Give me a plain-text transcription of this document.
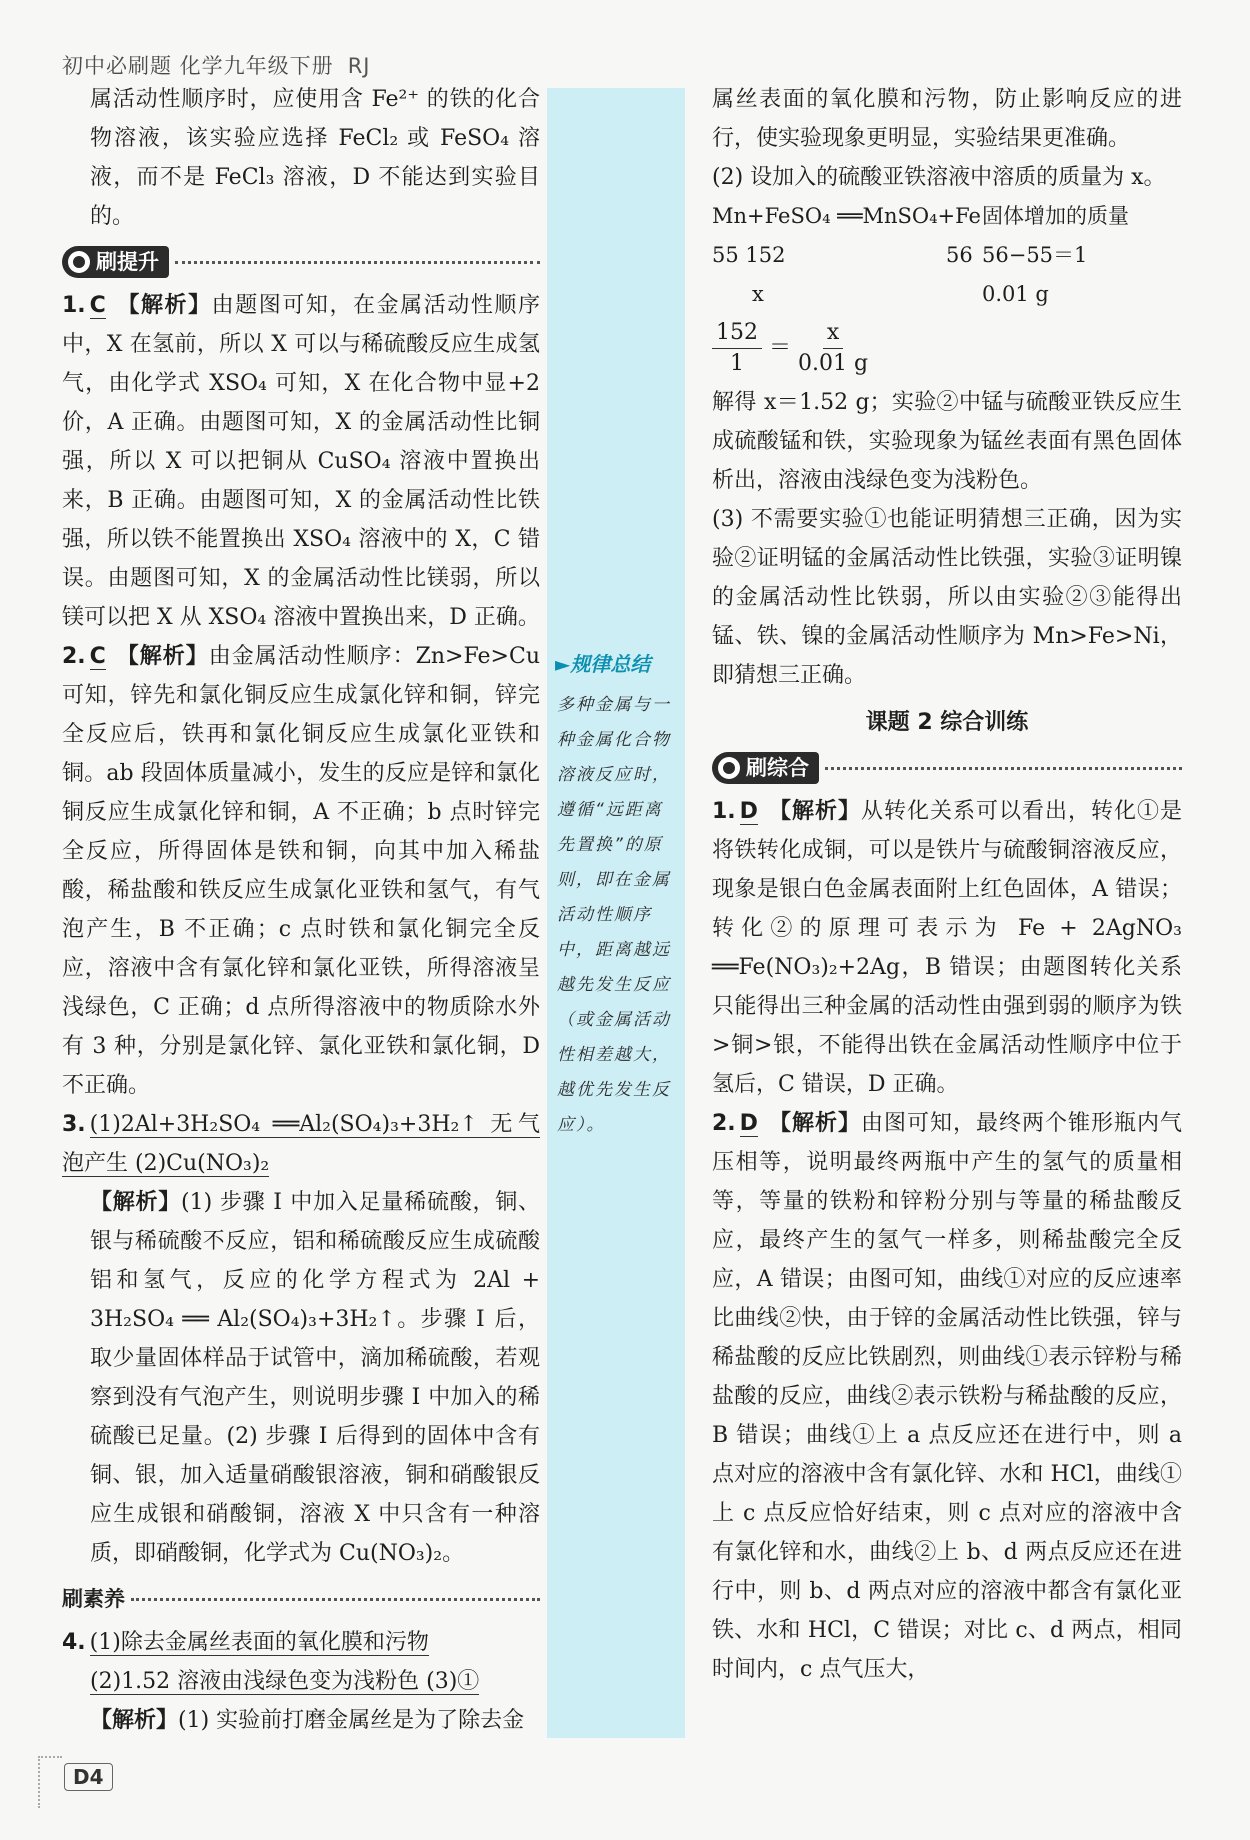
初中必刷题 化学九年级下册 RJ

属活动性顺序时，应使用含 Fe²⁺ 的铁的化合物溶液，该实验应选择 FeCl₂ 或 FeSO₄ 溶液，而不是 FeCl₃ 溶液，D 不能达到实验目的。

刷提升

1. C 【解析】由题图可知，在金属活动性顺序中，X 在氢前，所以 X 可以与稀硫酸反应生成氢气，由化学式 XSO₄ 可知，X 在化合物中显+2 价，A 正确。由题图可知，X 的金属活动性比铜强，所以 X 可以把铜从 CuSO₄ 溶液中置换出来，B 正确。由题图可知，X 的金属活动性比铁强，所以铁不能置换出 XSO₄ 溶液中的 X，C 错误。由题图可知，X 的金属活动性比镁弱，所以镁可以把 X 从 XSO₄ 溶液中置换出来，D 正确。

2. C 【解析】由金属活动性顺序：Zn>Fe>Cu 可知，锌先和氯化铜反应生成氯化锌和铜，锌完全反应后，铁再和氯化铜反应生成氯化亚铁和铜。ab 段固体质量减小，发生的反应是锌和氯化铜反应生成氯化锌和铜，A 不正确；b 点时锌完全反应，所得固体是铁和铜，向其中加入稀盐酸，稀盐酸和铁反应生成氯化亚铁和氢气，有气泡产生，B 不正确；c 点时铁和氯化铜完全反应，溶液中含有氯化锌和氯化亚铁，所得溶液呈浅绿色，C 正确；d 点所得溶液中的物质除水外有 3 种，分别是氯化锌、氯化亚铁和氯化铜，D 不正确。

3. (1)2Al+3H₂SO₄ ══Al₂(SO₄)₃+3H₂↑ 无气泡产生 (2)Cu(NO₃)₂

【解析】(1) 步骤 Ⅰ 中加入足量稀硫酸，铜、银与稀硫酸不反应，铝和稀硫酸反应生成硫酸铝和氢气，反应的化学方程式为 2Al + 3H₂SO₄ ══ Al₂(SO₄)₃+3H₂↑。步骤 Ⅰ 后，取少量固体样品于试管中，滴加稀硫酸，若观察到没有气泡产生，则说明步骤 Ⅰ 中加入的稀硫酸已足量。(2) 步骤 Ⅰ 后得到的固体中含有铜、银，加入适量硝酸银溶液，铜和硝酸银反应生成银和硝酸铜，溶液 X 中只含有一种溶质，即硝酸铜，化学式为 Cu(NO₃)₂。

刷素养

4. (1)除去金属丝表面的氧化膜和污物

(2)1.52 溶液由浅绿色变为浅粉色 (3)①

【解析】(1) 实验前打磨金属丝是为了除去金

►规律总结
多种金属与一种金属化合物溶液反应时，遵循“远距离先置换”的原则，即在金属活动性顺序中，距离越远越先发生反应（或金属活动性相差越大，越优先发生反应）。

属丝表面的氧化膜和污物，防止影响反应的进行，使实验现象更明显，实验结果更准确。

(2) 设加入的硫酸亚铁溶液中溶质的质量为 x。

Mn+FeSO₄ ══MnSO₄+Fe 固体增加的质量
55 152	56 56−55＝1
x	0.01 g
$\frac{152}{1} = \frac{x}{0.01 g}$

解得 x＝1.52 g；实验②中锰与硫酸亚铁反应生成硫酸锰和铁，实验现象为锰丝表面有黑色固体析出，溶液由浅绿色变为浅粉色。

(3) 不需要实验①也能证明猜想三正确，因为实验②证明锰的金属活动性比铁强，实验③证明镍的金属活动性比铁弱，所以由实验②③能得出锰、铁、镍的金属活动性顺序为 Mn>Fe>Ni，即猜想三正确。

课题 2 综合训练
刷综合

1. D 【解析】从转化关系可以看出，转化①是将铁转化成铜，可以是铁片与硫酸铜溶液反应，现象是银白色金属表面附上红色固体，A 错误；转化②的原理可表示为 Fe + 2AgNO₃ ══Fe(NO₃)₂+2Ag，B 错误；由题图转化关系只能得出三种金属的活动性由强到弱的顺序为铁>铜>银，不能得出铁在金属活动性顺序中位于氢后，C 错误，D 正确。

2. D 【解析】由图可知，最终两个锥形瓶内气压相等，说明最终两瓶中产生的氢气的质量相等，等量的铁粉和锌粉分别与等量的稀盐酸反应，最终产生的氢气一样多，则稀盐酸完全反应，A 错误；由图可知，曲线①对应的反应速率比曲线②快，由于锌的金属活动性比铁强，锌与稀盐酸的反应比铁剧烈，则曲线①表示锌粉与稀盐酸的反应，曲线②表示铁粉与稀盐酸的反应，B 错误；曲线①上 a 点反应还在进行中，则 a 点对应的溶液中含有氯化锌、水和 HCl，曲线①上 c 点反应恰好结束，则 c 点对应的溶液中含有氯化锌和水，曲线②上 b、d 两点反应还在进行中，则 b、d 两点对应的溶液中都含有氯化亚铁、水和 HCl，C 错误；对比 c、d 两点，相同时间内，c 点气压大，

D4
